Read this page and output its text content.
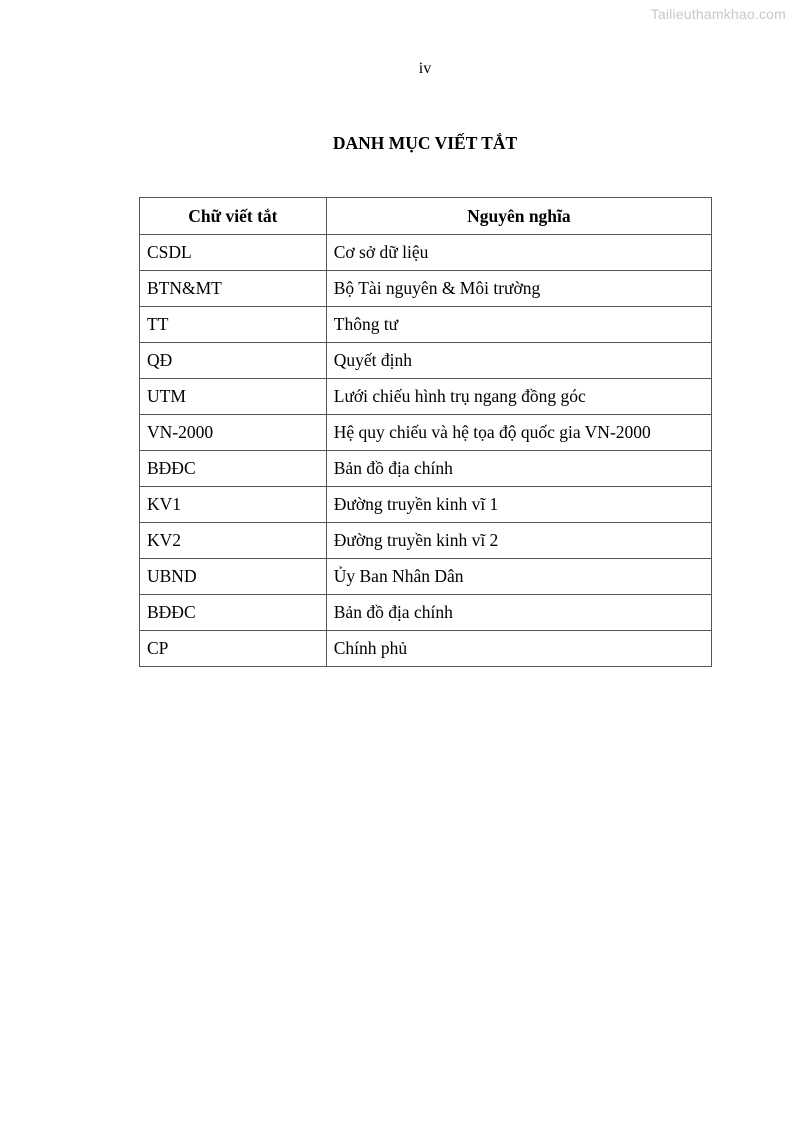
Tailieuthamkhao.com
iv
DANH MỤC VIẾT TẮT
Chữ viết tắt	Nguyên nghĩa
CSDL	Cơ sở dữ liệu
BTN&MT	Bộ Tài nguyên & Môi trường
TT	Thông tư
QĐ	Quyết định
UTM	Lưới chiếu hình trụ ngang đồng góc
VN-2000	Hệ quy chiếu và hệ tọa độ quốc gia VN-2000
BĐĐC	Bản đồ địa chính
KV1	Đường truyền kinh vĩ 1
KV2	Đường truyền kinh vĩ 2
UBND	Ủy Ban Nhân Dân
BĐĐC	Bản đồ địa chính
CP	Chính phủ
